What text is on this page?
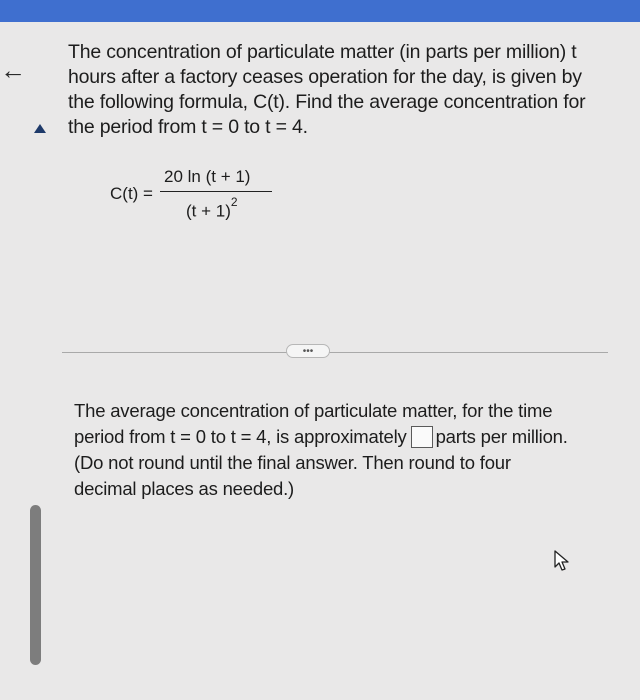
←
The concentration of particulate matter (in parts per million) t hours after a factory ceases operation for the day, is given by the following formula, C(t). Find the average concentration for the period from t = 0 to t = 4.
C(t) =
20 ln (t + 1)
$(t + 1)^2$
•••
The average concentration of particulate matter, for the time period from t = 0 to t = 4, is approximately parts per million.
(Do not round until the final answer. Then round to four decimal places as needed.)
